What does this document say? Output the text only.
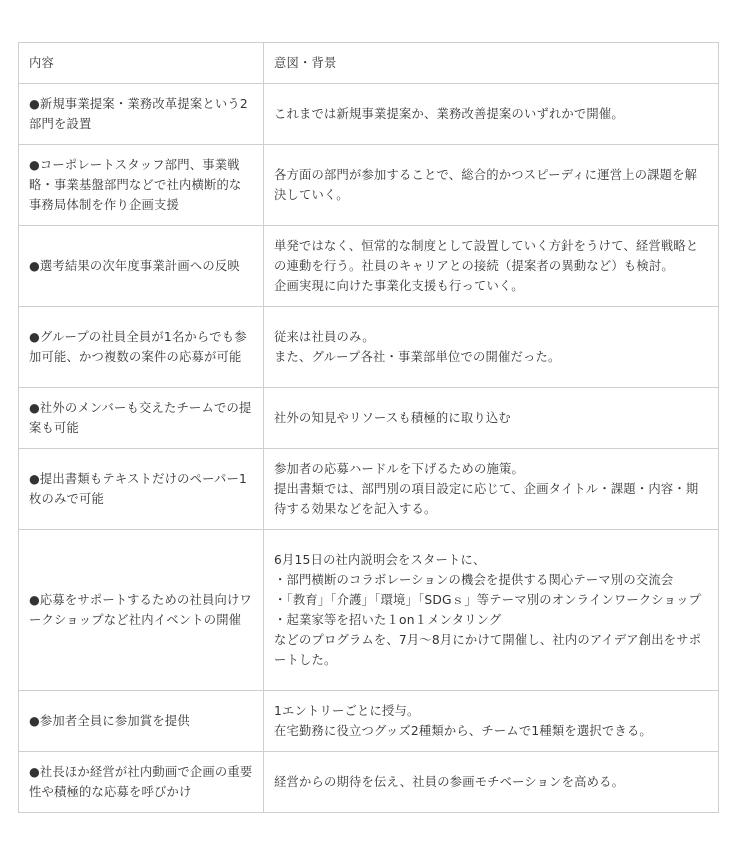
内容	意図・背景
●新規事業提案・業務改革提案という2部門を設置	これまでは新規事業提案か、業務改善提案のいずれかで開催。
●コーポレートスタッフ部門、事業戦略・事業基盤部門などで社内横断的な事務局体制を作り企画支援	各方面の部門が参加することで、総合的かつスピーディに運営上の課題を解決していく。
●選考結果の次年度事業計画への反映	単発ではなく、恒常的な制度として設置していく方針をうけて、経営戦略との連動を行う。社員のキャリアとの接続（提案者の異動など）も検討。
企画実現に向けた事業化支援も行っていく。
●グループの社員全員が1名からでも参加可能、かつ複数の案件の応募が可能	従来は社員のみ。
また、グループ各社・事業部単位での開催だった。
●社外のメンバーも交えたチームでの提案も可能	社外の知見やリソースも積極的に取り込む
●提出書類もテキストだけのペーパー1枚のみで可能	参加者の応募ハードルを下げるための施策。
提出書類では、部門別の項目設定に応じて、企画タイトル・課題・内容・期待する効果などを記入する。
●応募をサポートするための社員向けワークショップなど社内イベントの開催	6月15日の社内説明会をスタートに、
・部門横断のコラボレーションの機会を提供する関心テーマ別の交流会
・「教育」「介護」「環境」「SDGｓ」等テーマ別のオンラインワークショップ
・起業家等を招いた１on１メンタリング
などのプログラムを、7月～8月にかけて開催し、社内のアイデア創出をサポートした。
●参加者全員に参加賞を提供	1エントリーごとに授与。
在宅勤務に役立つグッズ2種類から、チームで1種類を選択できる。
●社長ほか経営が社内動画で企画の重要性や積極的な応募を呼びかけ	経営からの期待を伝え、社員の参画モチベーションを高める。
